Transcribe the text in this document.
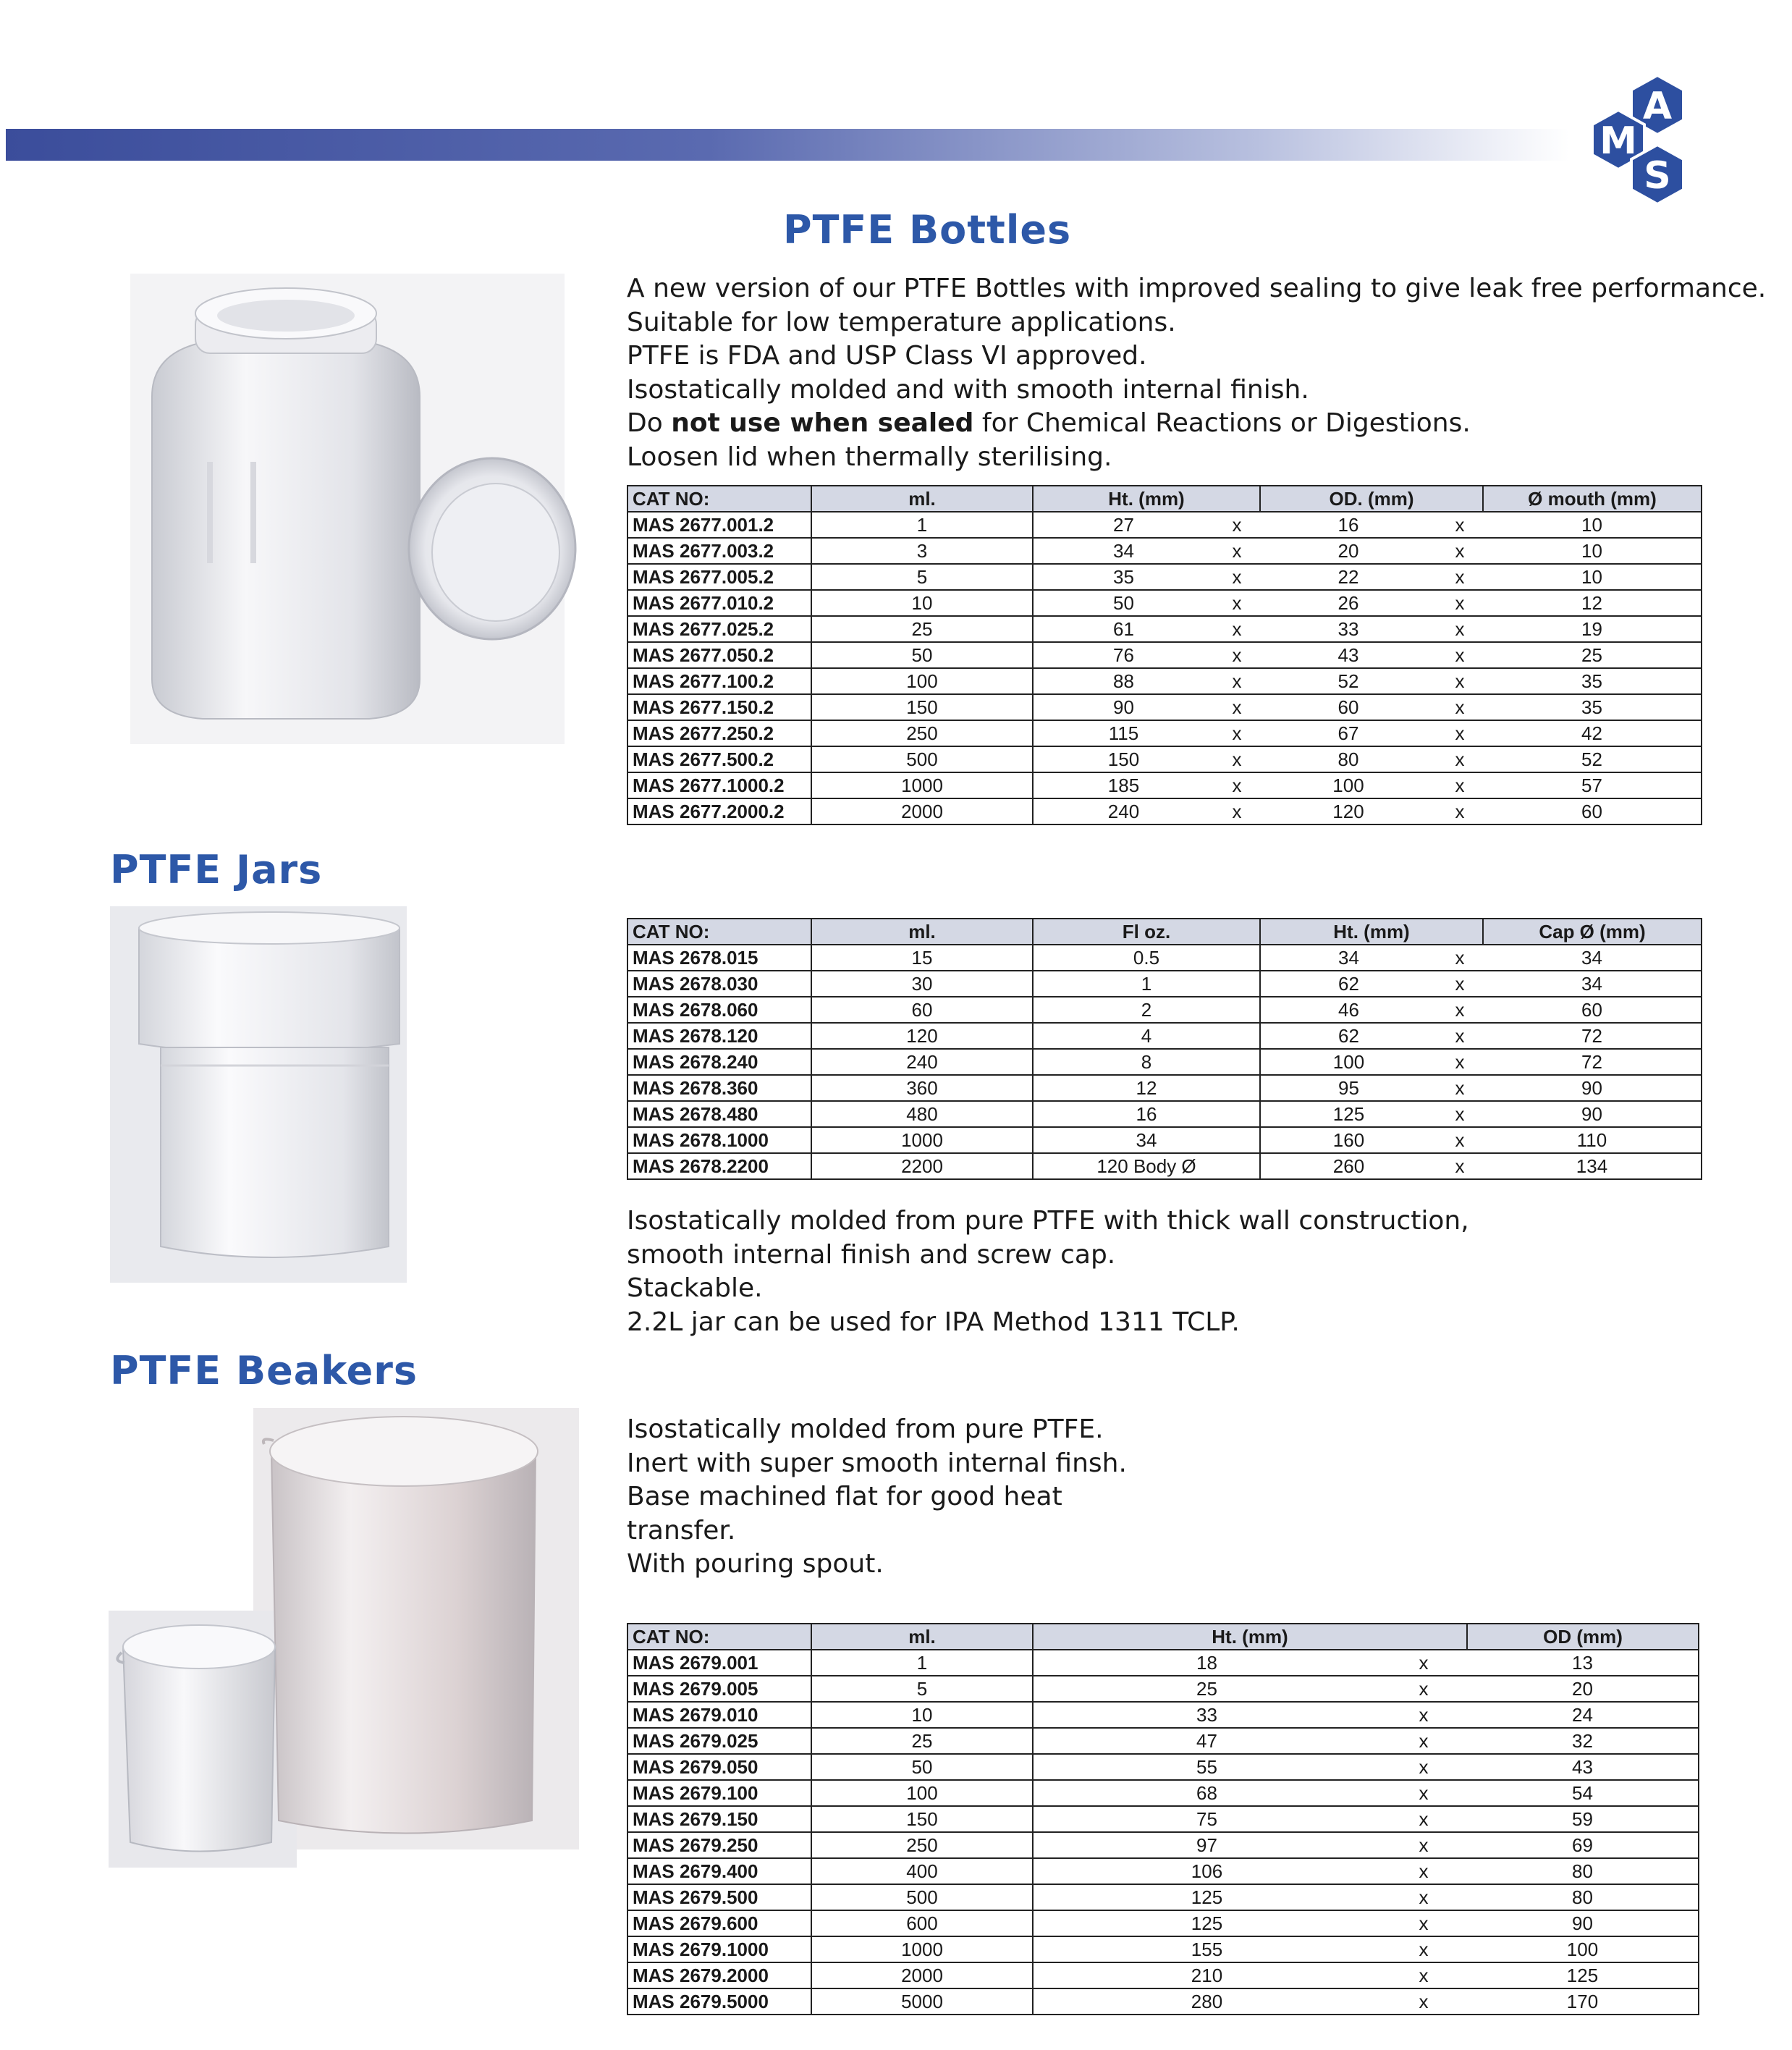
A
M
S
PTFE Bottles
A new version of our PTFE Bottles with improved sealing to give leak free performance.
Suitable for low temperature applications.
PTFE is FDA and USP Class VI approved.
Isostatically molded and with smooth internal finish.
Do not use when sealed for Chemical Reactions or Digestions.
Loosen lid when thermally sterilising.
CAT NO:	ml.	Ht. (mm)		OD. (mm)		Ø mouth (mm)
MAS 2677.001.2	1	27	x	16	x	10
MAS 2677.003.2	3	34	x	20	x	10
MAS 2677.005.2	5	35	x	22	x	10
MAS 2677.010.2	10	50	x	26	x	12
MAS 2677.025.2	25	61	x	33	x	19
MAS 2677.050.2	50	76	x	43	x	25
MAS 2677.100.2	100	88	x	52	x	35
MAS 2677.150.2	150	90	x	60	x	35
MAS 2677.250.2	250	115	x	67	x	42
MAS 2677.500.2	500	150	x	80	x	52
MAS 2677.1000.2	1000	185	x	100	x	57
MAS 2677.2000.2	2000	240	x	120	x	60
PTFE Jars
CAT NO:	ml.	Fl oz.	Ht. (mm)		Cap Ø (mm)
MAS 2678.015	15	0.5	34	x	34
MAS 2678.030	30	1	62	x	34
MAS 2678.060	60	2	46	x	60
MAS 2678.120	120	4	62	x	72
MAS 2678.240	240	8	100	x	72
MAS 2678.360	360	12	95	x	90
MAS 2678.480	480	16	125	x	90
MAS 2678.1000	1000	34	160	x	110
MAS 2678.2200	2200	120 Body Ø	260	x	134
Isostatically molded from pure PTFE with thick wall construction,
smooth internal finish and screw cap.
Stackable.
2.2L jar can be used for IPA Method 1311 TCLP.
PTFE Beakers
Isostatically molded from pure PTFE.
Inert with super smooth internal finsh.
Base machined flat for good heat
transfer.
With pouring spout.
CAT NO:	ml.	Ht. (mm)		OD (mm)
MAS 2679.001	1	18	x	13
MAS 2679.005	5	25	x	20
MAS 2679.010	10	33	x	24
MAS 2679.025	25	47	x	32
MAS 2679.050	50	55	x	43
MAS 2679.100	100	68	x	54
MAS 2679.150	150	75	x	59
MAS 2679.250	250	97	x	69
MAS 2679.400	400	106	x	80
MAS 2679.500	500	125	x	80
MAS 2679.600	600	125	x	90
MAS 2679.1000	1000	155	x	100
MAS 2679.2000	2000	210	x	125
MAS 2679.5000	5000	280	x	170
